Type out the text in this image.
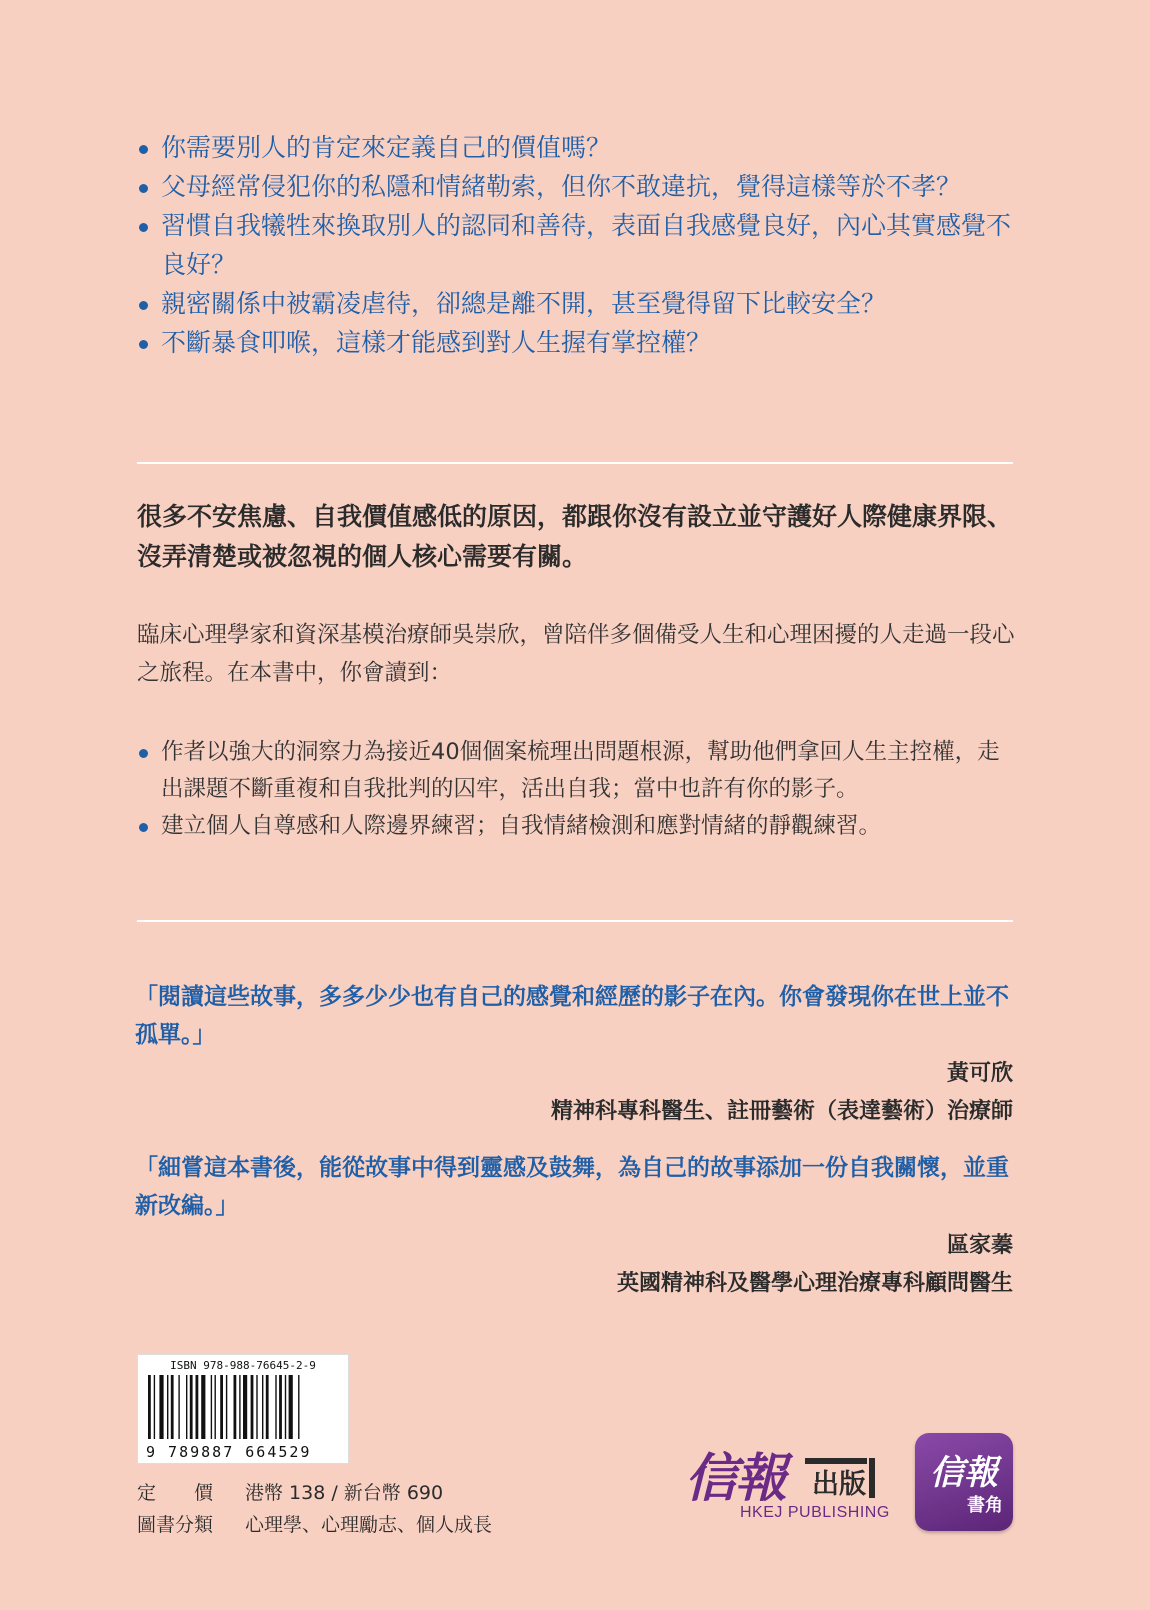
你需要別人的肯定來定義自己的價值嗎？
父母經常侵犯你的私隱和情緒勒索，但你不敢違抗，覺得這樣等於不孝？
習慣自我犧牲來換取別人的認同和善待，表面自我感覺良好，內心其實感覺不良好？
親密關係中被霸凌虐待，卻總是離不開，甚至覺得留下比較安全？
不斷暴食叩喉，這樣才能感到對人生握有掌控權？
很多不安焦慮、自我價值感低的原因，都跟你沒有設立並守護好人際健康界限、沒弄清楚或被忽視的個人核心需要有關。
臨床心理學家和資深基模治療師吳崇欣，曾陪伴多個備受人生和心理困擾的人走過一段心之旅程。在本書中，你會讀到：
作者以強大的洞察力為接近40個個案梳理出問題根源，幫助他們拿回人生主控權，走出課題不斷重複和自我批判的囚牢，活出自我；當中也許有你的影子。
建立個人自尊感和人際邊界練習；自我情緒檢測和應對情緒的靜觀練習。
「閱讀這些故事，多多少少也有自己的感覺和經歷的影子在內。你會發現你在世上並不孤單。」
黃可欣
精神科專科醫生、註冊藝術（表達藝術）治療師
「細嘗這本書後，能從故事中得到靈感及鼓舞，為自己的故事添加一份自我關懷，並重新改編。」
區家蓁
英國精神科及醫學心理治療專科顧問醫生
ISBN 978-988-76645-2-9
9 789887 664529
定　　價 港幣 138 / 新台幣 690
圖書分類 心理學、心理勵志、個人成長
信報 出版
HKEJ PUBLISHING
信報
書角
